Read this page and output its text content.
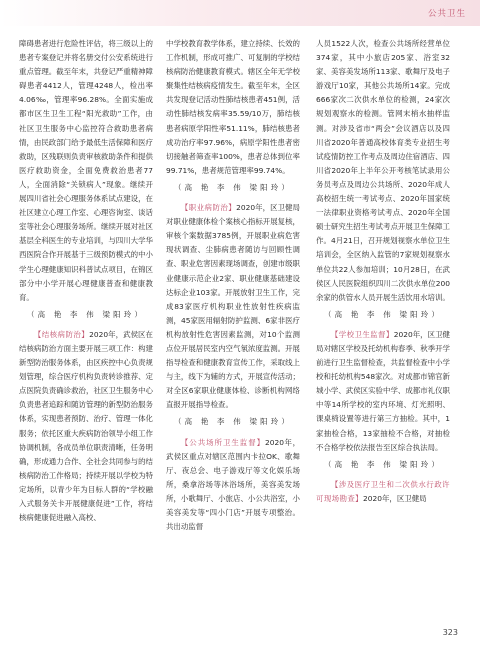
公共卫生

障碍患者进行危险性评估，将三级以上的患者专案登记并将名册交付公安系统进行重点管理。截至年末，共登记严重精神障碍患者4412人，管理4248人，检出率4.06‰，管理率96.28%。全面实施成都市区生卫生工程“阳光救助”工作，由社区卫生服务中心监控符合救助患者病情，由民政部门给予最低生活保障和医疗救助，区残联则负责审核救助条件和提供医疗救助资金，全面免费救治患者77人，全面消除“关锁病人”现象。继续开展四川省社会心理服务体系试点建设，在社区建立心理工作室、心理咨询室、谈话室等社会心理服务场所。继续开展对社区基层全科医生的专业培训，与四川大学华西医院合作开展基于三级预防模式的中小学生心理健康知识科普试点项目，在锦区部分中小学开展心理健康普查和健康教育。

（高 艳 李 伟 梁阳玲）

【结核病防治】2020年，武侯区在结核病防治方面主要开展三项工作：构建新型防治服务体系，由区疾控中心负责规划管理，综合医疗机构负责转诊推荐、定点医院负责确诊救治，社区卫生服务中心负责患者追踪和随访管理的新型防治服务体系，实现患者预防、治疗、管理一体化服务；依托区重大疾病防治领导小组工作协调机制，各成员单位职责清晰，任务明确，形成通力合作、全社会共同参与的结核病防治工作格局；持续开展以学校为特定场所，以青少年为目标人群的“学校融入式服务关卡开展健康促进”工作，将结核病健康促进融入高校、

中学校教育教学体系，建立持续、长效的工作机制，形成可推广、可复制的学校结核病防治健康教育模式。辖区全年无学校聚集性结核病疫情发生。截至年末，全区共发现登记活动性肺结核患者451例，活动性肺结核发病率35.59/10万，肺结核患者病原学阳性率51.11%，肺结核患者成功治疗率97.96%，病原学阳性患者密切接触者筛查率100%，患者总体到位率99.71%，患者规范管理率99.74%。

（高 艳 李 伟 梁阳玲）

【职业病防治】2020年，区卫健局对职业健康体检个案核心指标开展复核，审核个案数据3785例，开展职业病危害现状调查、尘肺病患者随访与回顾性调查、职业危害因素现场调查，创建市级职业健康示范企业2家、职业健康基础建设达标企业103家。开展放射卫生工作，完成83家医疗机构职业性放射性疾病监测，45家医用辐射防护监测、6家非医疗机构放射性危害因素监测，对10个监测点位开展居民室内空气氡浓度监测。开展指导检查和健康教育宣传工作，采取线上与主，线下为辅的方式，开展宣传活动；对全区6家职业健康体检、诊断机构网络直报开展指导检查。

（高 艳 李 伟 梁阳玲）

【公共场所卫生监督】2020年，武侯区重点对辖区范围内卡拉OK、歌舞厅、夜总会、电子游戏厅等文化娱乐场所，桑拿浴场等沐浴场所，美容美发场所，小歌舞厅、小旅店、小公共浴室，小美容美发等“四小门店”开展专项整治。共出动监督

人员1522人次，检查公共场所经营单位374家，其中小旅店205家、浴室32家、美容美发场所113家、歌舞厅及电子游戏厅10家，其他公共场所14家。完成666家次二次供水单位的检测，24家次规划观察水的检测。管网末梢水抽样监测。对涉及省市“两会”会议酒店以及四川省2020年普通高校体育类专业招生考试疫情防控工作考点及周边住宿酒店、四川省2020年上半年公开考核笔试录用公务员考点及周边公共场所、2020年成人高校招生统一考试考点、2020年国家统一法律职业资格考试考点、2020年全国硕士研究生招生考试考点开展卫生保障工作。4月21日，召开规划视察水单位卫生培训会，全区纳入监管的7家规划视察水单位共22人参加培训；10月28日，在武侯区人民医院组织四川二次供水单位200余家的供管水人员开展生活饮用水培训。

（高 艳 李 伟 梁阳玲）

【学校卫生监督】2020年，区卫健局对辖区学校及托幼机构春季、秋季开学前进行卫生监督检查，共监督检查中小学校和托幼机构548家次。对成都市锦官新城小学、武侯区实验中学、成都市礼仪职中等14所学校的室内环境、灯光照明、课桌椅设置等进行第三方抽检。其中，1家抽检合格，13家抽检不合格，对抽检不合格学校依法报告至区综合执法局。

（高 艳 李 伟 梁阳玲）

【涉及医疗卫生和二次供水行政许可现场勘查】2020年，区卫健局

323
